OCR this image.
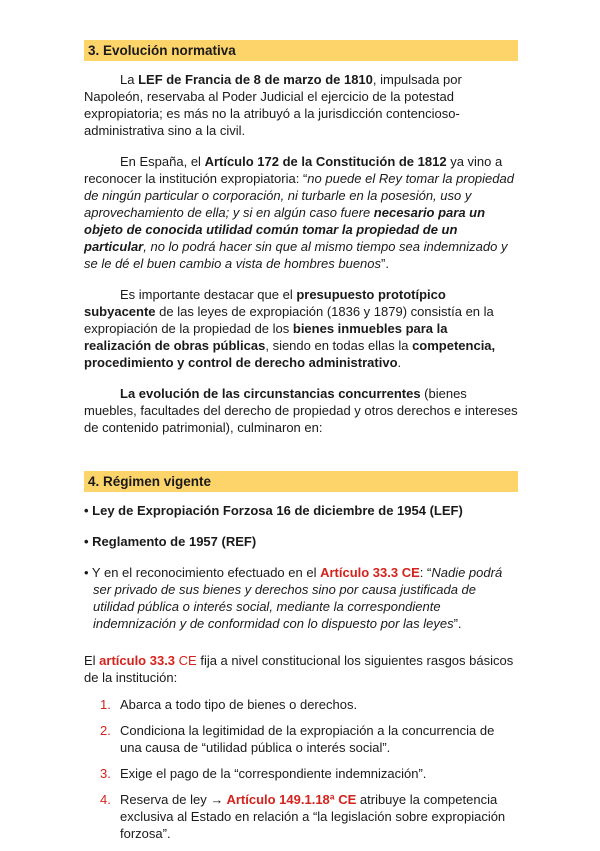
3. Evolución normativa

La LEF de Francia de 8 de marzo de 1810, impulsada por Napoleón, reservaba al Poder Judicial el ejercicio de la potestad expropiatoria; es más no la atribuyó a la jurisdicción contencioso-administrativa sino a la civil.

En España, el Artículo 172 de la Constitución de 1812 ya vino a reconocer la institución expropiatoria: “no puede el Rey tomar la propiedad de ningún particular o corporación, ni turbarle en la posesión, uso y aprovechamiento de ella; y si en algún caso fuere necesario para un objeto de conocida utilidad común tomar la propiedad de un particular, no lo podrá hacer sin que al mismo tiempo sea indemnizado y se le dé el buen cambio a vista de hombres buenos”.

Es importante destacar que el presupuesto prototípico subyacente de las leyes de expropiación (1836 y 1879) consistía en la expropiación de la propiedad de los bienes inmuebles para la realización de obras públicas, siendo en todas ellas la competencia, procedimiento y control de derecho administrativo.

La evolución de las circunstancias concurrentes (bienes muebles, facultades del derecho de propiedad y otros derechos e intereses de contenido patrimonial), culminaron en:

4. Régimen vigente
• Ley de Expropiación Forzosa 16 de diciembre de 1954 (LEF)
• Reglamento de 1957 (REF)
• Y en el reconocimiento efectuado en el Artículo 33.3 CE: “Nadie podrá ser privado de sus bienes y derechos sino por causa justificada de utilidad pública o interés social, mediante la correspondiente indemnización y de conformidad con lo dispuesto por las leyes”.

El artículo 33.3 CE fija a nivel constitucional los siguientes rasgos básicos de la institución:

1. Abarca a todo tipo de bienes o derechos.
2. Condiciona la legitimidad de la expropiación a la concurrencia de una causa de “utilidad pública o interés social”.
3. Exige el pago de la “correspondiente indemnización”.
4. Reserva de ley → Artículo 149.1.18ª CE atribuye la competencia exclusiva al Estado en relación a “la legislación sobre expropiación forzosa”.
